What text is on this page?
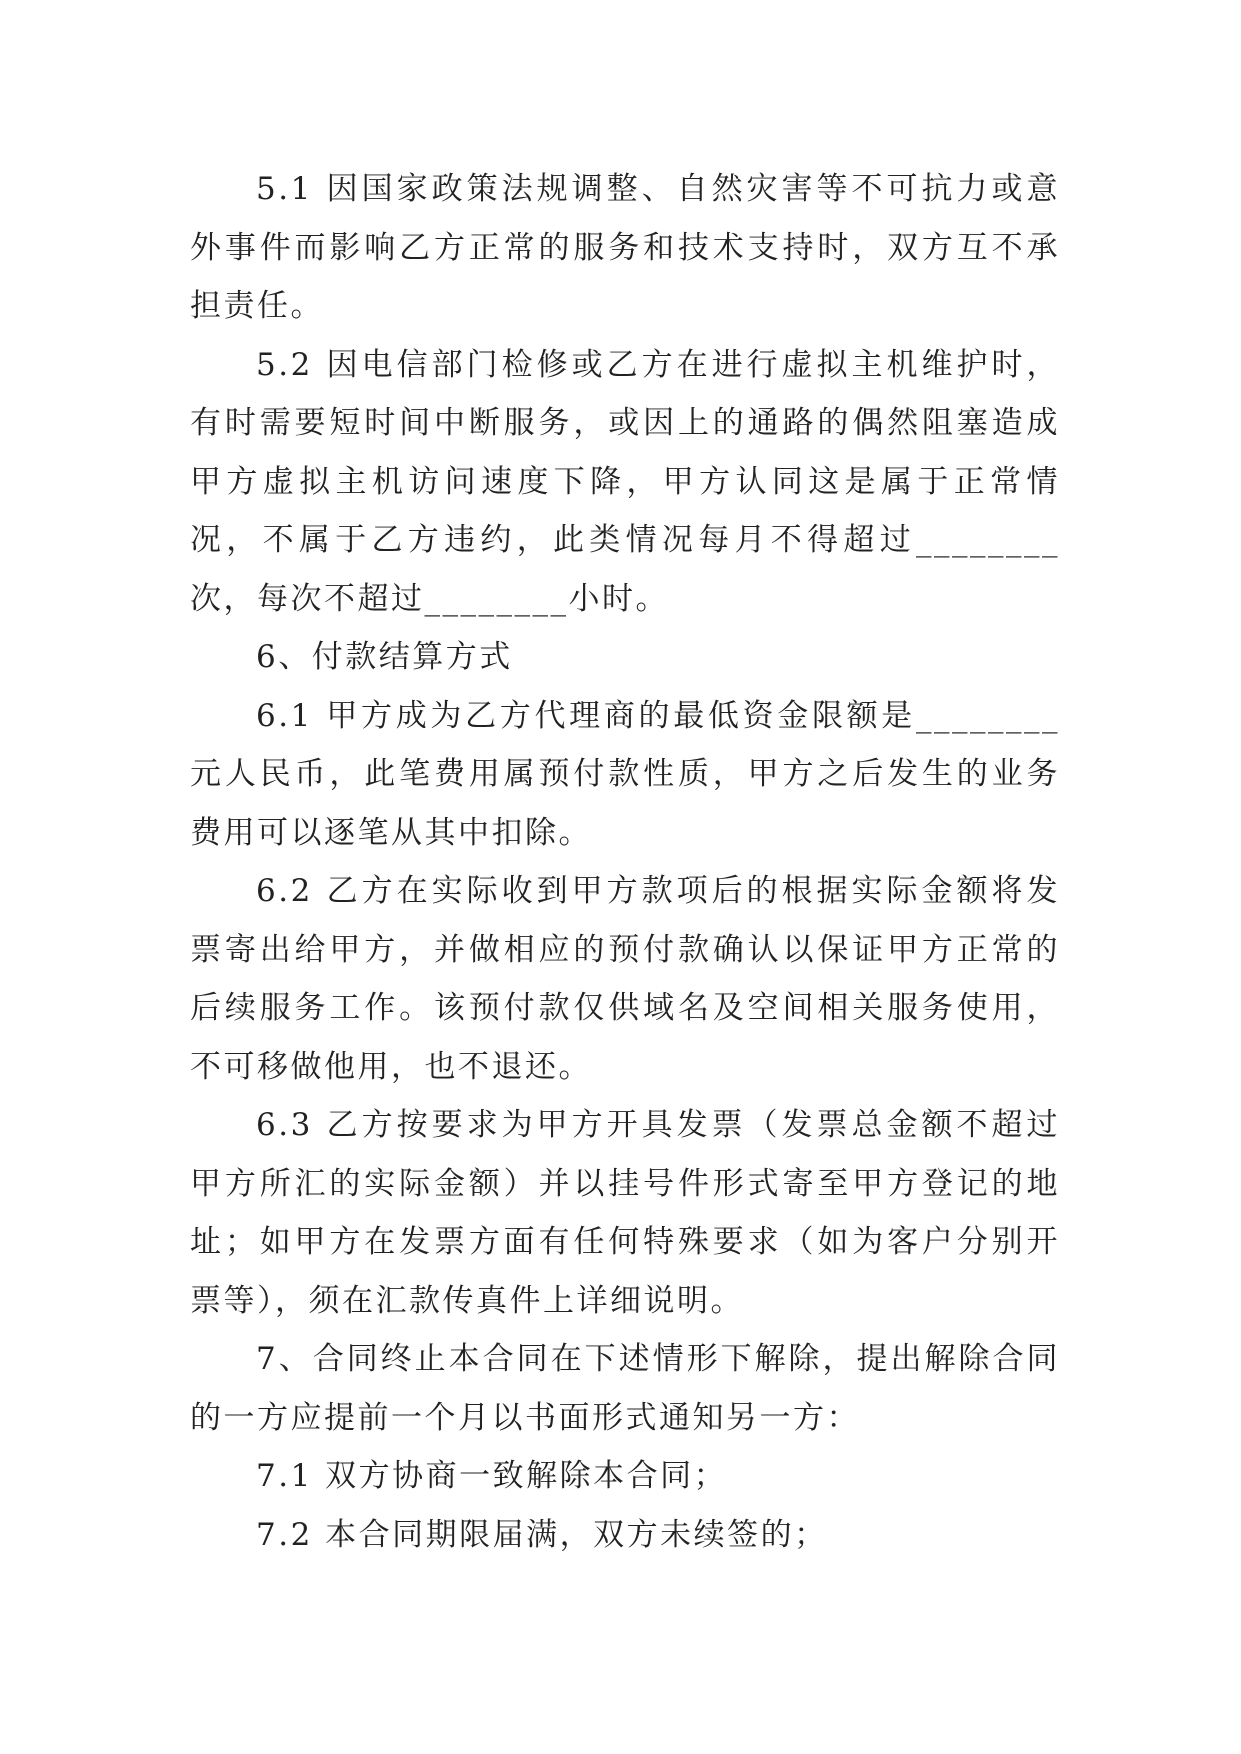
5.1 因国家政策法规调整、自然灾害等不可抗力或意外事件而影响乙方正常的服务和技术支持时，双方互不承担责任。

5.2 因电信部门检修或乙方在进行虚拟主机维护时，有时需要短时间中断服务，或因上的通路的偶然阻塞造成甲方虚拟主机访问速度下降，甲方认同这是属于正常情况，不属于乙方违约，此类情况每月不得超过________次，每次不超过________小时。

6、付款结算方式

6.1 甲方成为乙方代理商的最低资金限额是________元人民币，此笔费用属预付款性质，甲方之后发生的业务费用可以逐笔从其中扣除。

6.2 乙方在实际收到甲方款项后的根据实际金额将发票寄出给甲方，并做相应的预付款确认以保证甲方正常的后续服务工作。该预付款仅供域名及空间相关服务使用，不可移做他用，也不退还。

6.3 乙方按要求为甲方开具发票（发票总金额不超过甲方所汇的实际金额）并以挂号件形式寄至甲方登记的地址；如甲方在发票方面有任何特殊要求（如为客户分别开票等），须在汇款传真件上详细说明。

7、合同终止本合同在下述情形下解除，提出解除合同的一方应提前一个月以书面形式通知另一方：

7.1 双方协商一致解除本合同；

7.2 本合同期限届满，双方未续签的；
